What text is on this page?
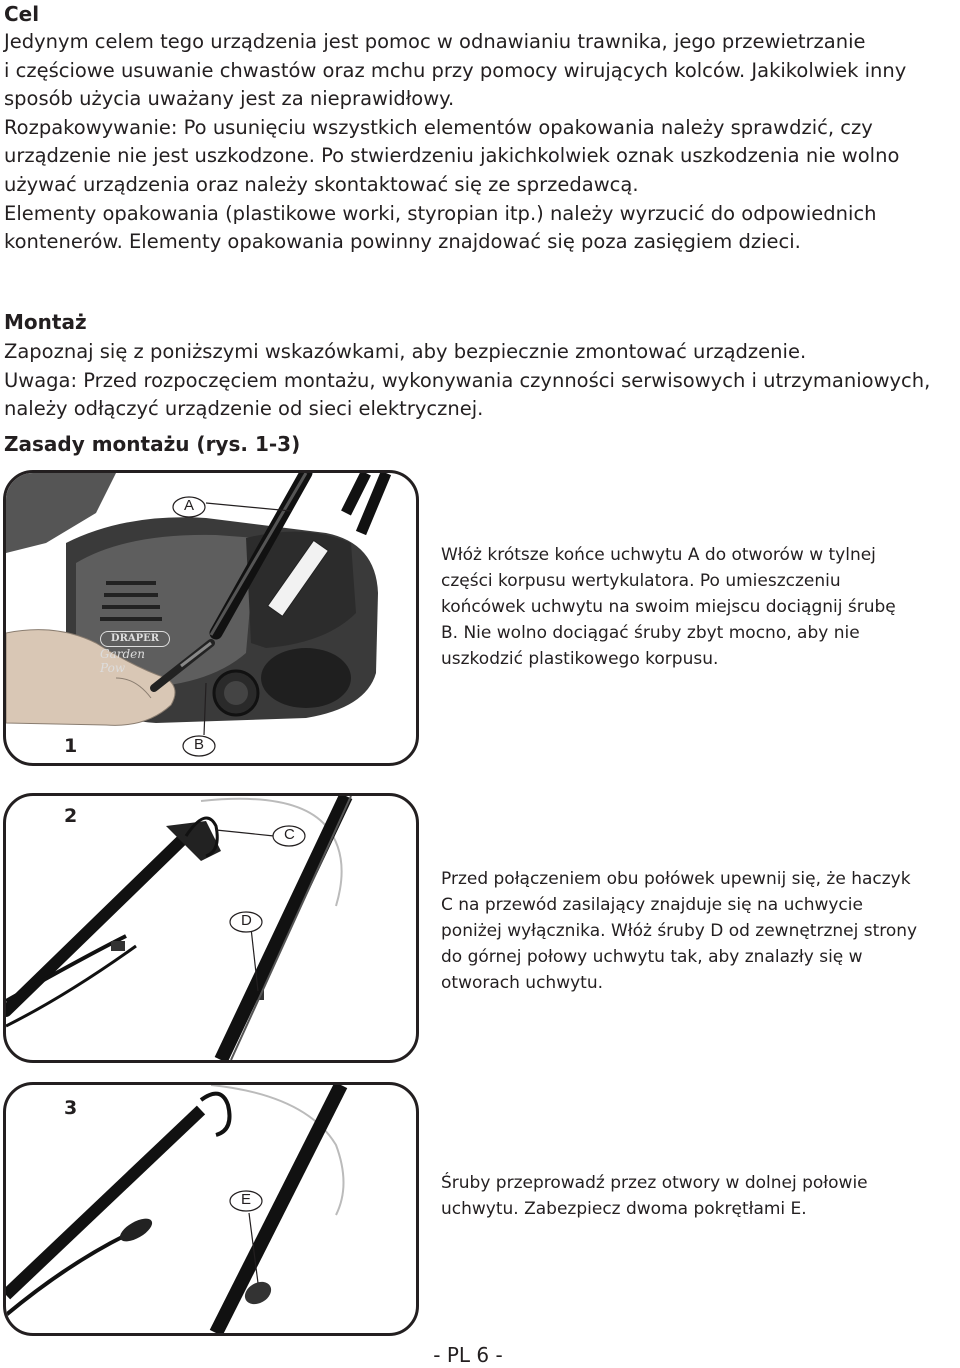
Cel
Jedynym celem tego urządzenia jest pomoc w odnawianiu trawnika, jego przewietrzanie
i częściowe usuwanie chwastów oraz mchu przy pomocy wirujących kolców. Jakikolwiek inny
sposób użycia uważany jest za nieprawidłowy.
Rozpakowywanie: Po usunięciu wszystkich elementów opakowania należy sprawdzić, czy
urządzenie nie jest uszkodzone. Po stwierdzeniu jakichkolwiek oznak uszkodzenia nie wolno
używać urządzenia oraz należy skontaktować się ze sprzedawcą.
Elementy opakowania (plastikowe worki, styropian itp.) należy wyrzucić do odpowiednich
kontenerów. Elementy opakowania powinny znajdować się poza zasięgiem dzieci.
Montaż
Zapoznaj się z poniższymi wskazówkami, aby bezpiecznie zmontować urządzenie.
Uwaga: Przed rozpoczęciem montażu, wykonywania czynności serwisowych i utrzymaniowych,
należy odłączyć urządzenie od sieci elektrycznej.
Zasady montażu (rys. 1-3)
DRAPER
Garden Pow
1
A
B
Włóż krótsze końce uchwytu A do otworów w tylnej
części korpusu wertykulatora. Po umieszczeniu
końcówek uchwytu na swoim miejscu dociągnij śrubę
B. Nie wolno dociągać śruby zbyt mocno, aby nie
uszkodzić plastikowego korpusu.
2
C
D
Przed połączeniem obu połówek upewnij się, że haczyk
C na przewód zasilający znajduje się na uchwycie
poniżej wyłącznika. Włóż śruby D od zewnętrznej strony
do górnej połowy uchwytu tak, aby znalazły się w
otworach uchwytu.
3
E
Śruby przeprowadź przez otwory w dolnej połowie
uchwytu. Zabezpiecz dwoma pokrętłami E.
- PL 6 -
